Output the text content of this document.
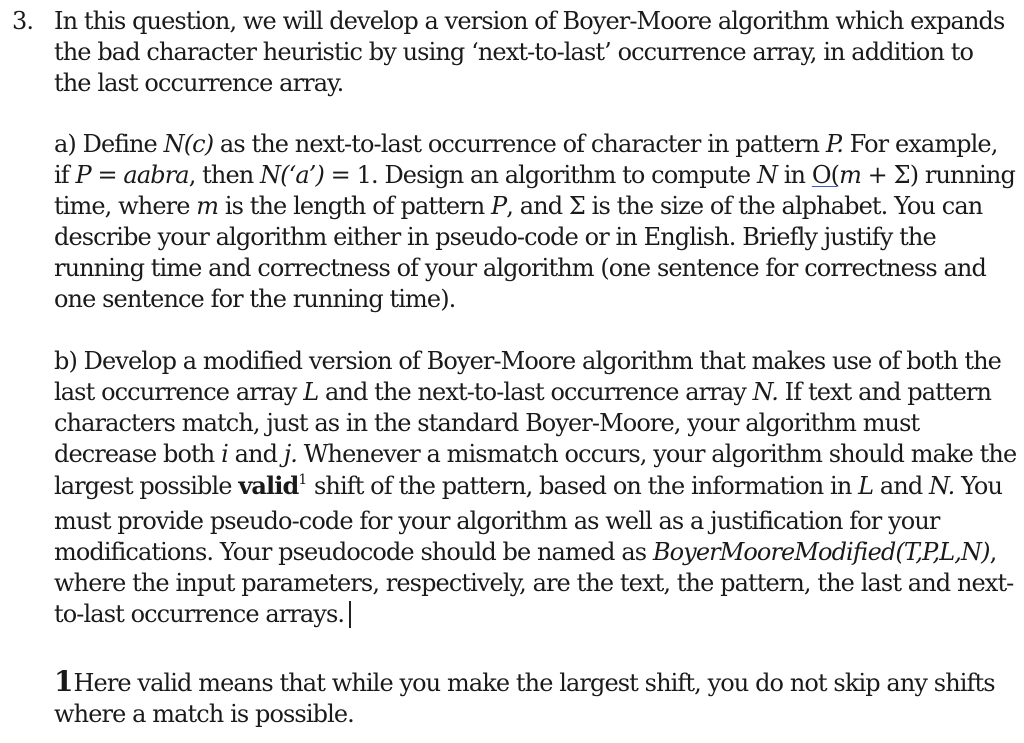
3. In this question, we will develop a version of Boyer-Moore algorithm which expands
the bad character heuristic by using ‘next-to-last’ occurrence array, in addition to
the last occurrence array.
a) Define N(c) as the next-to-last occurrence of character in pattern P. For example,
if P = aabra, then N(‘a’) = 1. Design an algorithm to compute N in O(m + Σ) running
time, where m is the length of pattern P, and Σ is the size of the alphabet. You can
describe your algorithm either in pseudo-code or in English. Briefly justify the
running time and correctness of your algorithm (one sentence for correctness and
one sentence for the running time).
b) Develop a modified version of Boyer-Moore algorithm that makes use of both the
last occurrence array L and the next-to-last occurrence array N. If text and pattern
characters match, just as in the standard Boyer-Moore, your algorithm must
decrease both i and j. Whenever a mismatch occurs, your algorithm should make the
largest possible valid$^1$ shift of the pattern, based on the information in L and N. You
must provide pseudo-code for your algorithm as well as a justification for your
modifications. Your pseudocode should be named as BoyerMooreModified(T,P,L,N),
where the input parameters, respectively, are the text, the pattern, the last and next-
to-last occurrence arrays.
1Here valid means that while you make the largest shift, you do not skip any shifts
where a match is possible.
